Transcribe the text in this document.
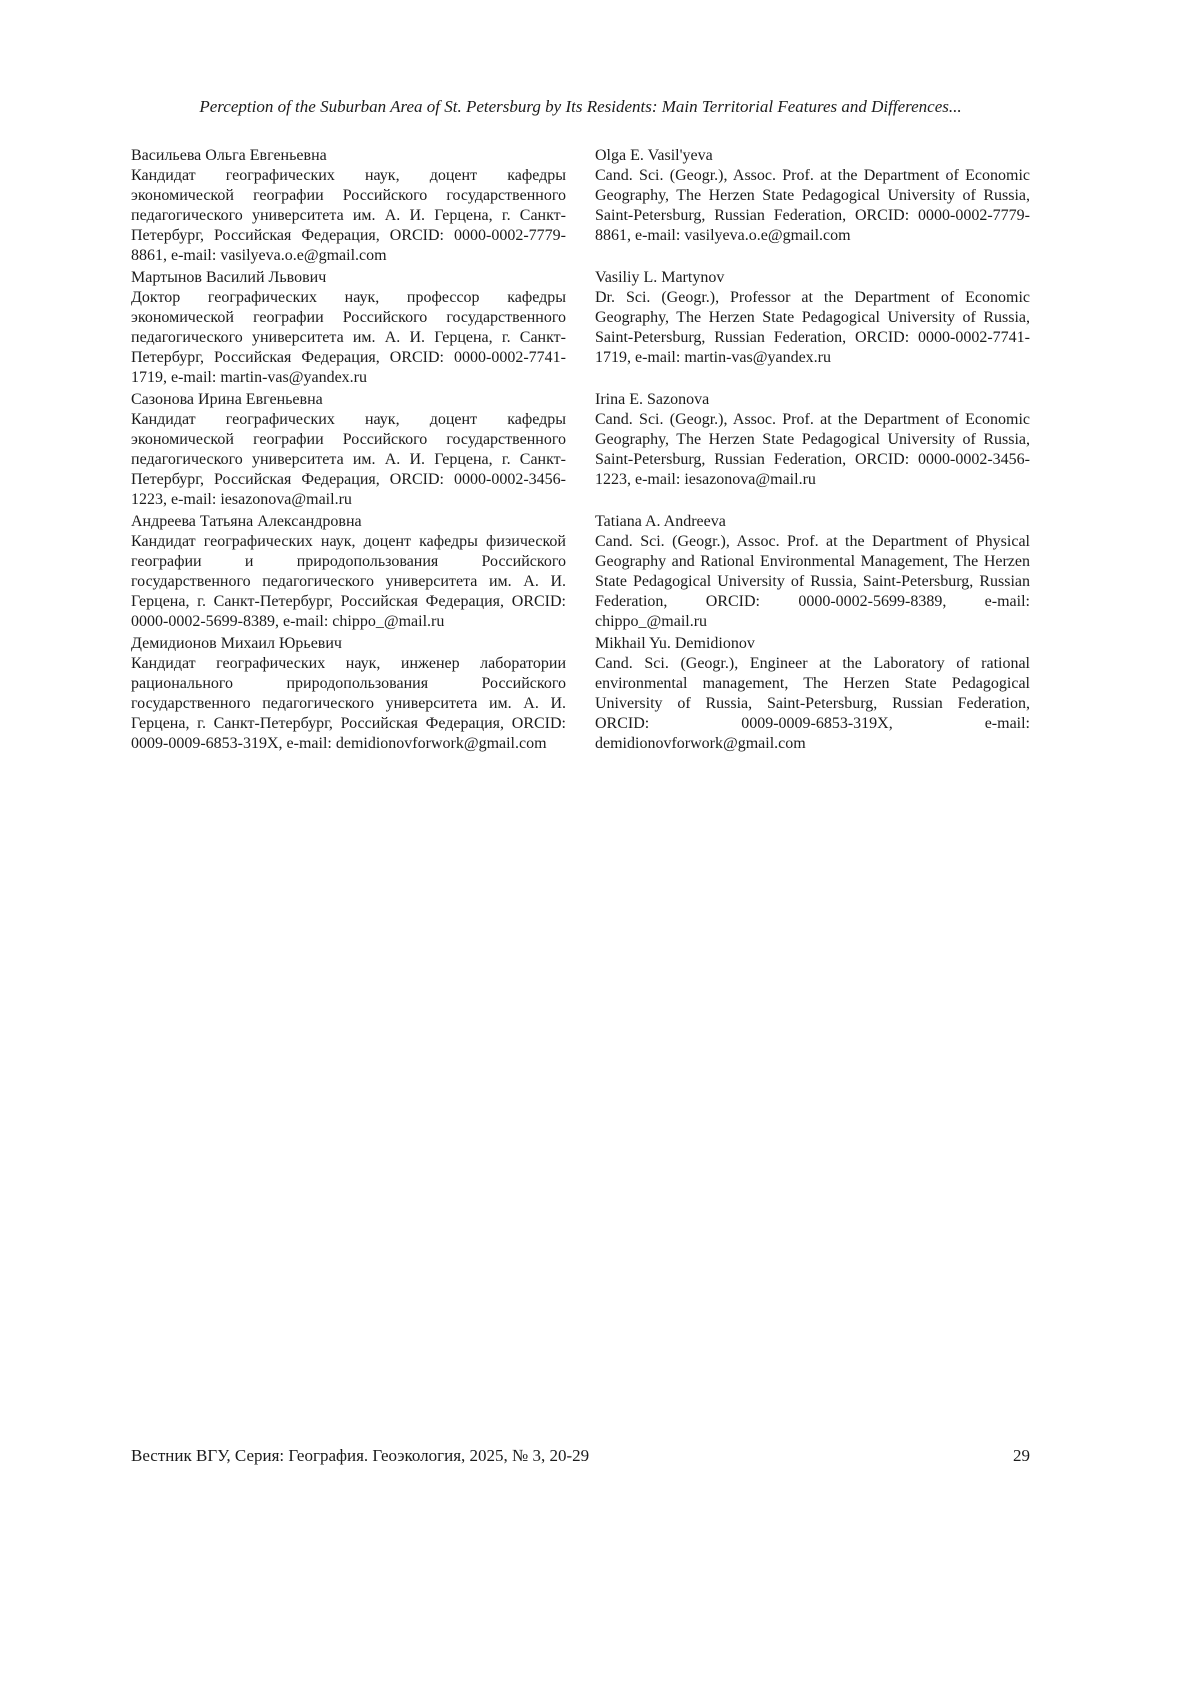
Perception of the Suburban Area of St. Petersburg by Its Residents: Main Territorial Features and Differences...
Васильева Ольга Евгеньевна
Кандидат географических наук, доцент кафедры экономической географии Российского государственного педагогического университета им. А. И. Герцена, г. Санкт-Петербург, Российская Федерация, ORCID: 0000-0002-7779-8861, e-mail: vasilyeva.o.e@gmail.com
Olga E. Vasil'yeva
Cand. Sci. (Geogr.), Assoc. Prof. at the Department of Economic Geography, The Herzen State Pedagogical University of Russia, Saint-Petersburg, Russian Federation, ORCID: 0000-0002-7779-8861, e-mail: vasilyeva.o.e@gmail.com
Мартынов Василий Львович
Доктор географических наук, профессор кафедры экономической географии Российского государственного педагогического университета им. А. И. Герцена, г. Санкт-Петербург, Российская Федерация, ORCID: 0000-0002-7741-1719, e-mail: martin-vas@yandex.ru
Vasiliy L. Martynov
Dr. Sci. (Geogr.), Professor at the Department of Economic Geography, The Herzen State Pedagogical University of Russia, Saint-Petersburg, Russian Federation, ORCID: 0000-0002-7741-1719, e-mail: martin-vas@yandex.ru
Сазонова Ирина Евгеньевна
Кандидат географических наук, доцент кафедры экономической географии Российского государственного педагогического университета им. А. И. Герцена, г. Санкт-Петербург, Российская Федерация, ORCID: 0000-0002-3456-1223, e-mail: iesazonova@mail.ru
Irina E. Sazonova
Cand. Sci. (Geogr.), Assoc. Prof. at the Department of Economic Geography, The Herzen State Pedagogical University of Russia, Saint-Petersburg, Russian Federation, ORCID: 0000-0002-3456-1223, e-mail: iesazonova@mail.ru
Андреева Татьяна Александровна
Кандидат географических наук, доцент кафедры физической географии и природопользования Российского государственного педагогического университета им. А. И. Герцена, г. Санкт-Петербург, Российская Федерация, ORCID: 0000-0002-5699-8389, e-mail: chippo_@mail.ru
Tatiana A. Andreeva
Cand. Sci. (Geogr.), Assoc. Prof. at the Department of Physical Geography and Rational Environmental Management, The Herzen State Pedagogical University of Russia, Saint-Petersburg, Russian Federation, ORCID: 0000-0002-5699-8389, e-mail: chippo_@mail.ru
Демидионов Михаил Юрьевич
Кандидат географических наук, инженер лаборатории рационального природопользования Российского государственного педагогического университета им. А. И. Герцена, г. Санкт-Петербург, Российская Федерация, ORCID: 0009-0009-6853-319X, e-mail: demidionovforwork@gmail.com
Mikhail Yu. Demidionov
Cand. Sci. (Geogr.), Engineer at the Laboratory of rational environmental management, The Herzen State Pedagogical University of Russia, Saint-Petersburg, Russian Federation, ORCID: 0009-0009-6853-319X, e-mail: demidionovforwork@gmail.com
Вестник ВГУ, Серия: География. Геоэкология, 2025, № 3, 20-29	29
